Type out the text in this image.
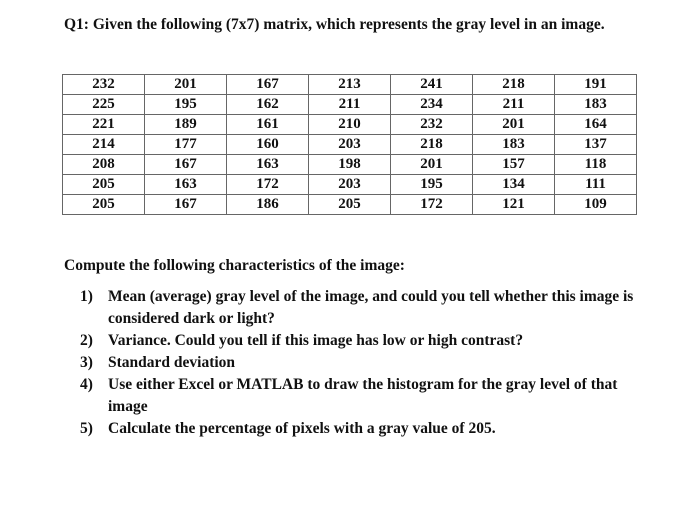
Q1: Given the following (7x7) matrix, which represents the gray level in an image.
232	201	167	213	241	218	191
225	195	162	211	234	211	183
221	189	161	210	232	201	164
214	177	160	203	218	183	137
208	167	163	198	201	157	118
205	163	172	203	195	134	111
205	167	186	205	172	121	109
Compute the following characteristics of the image:
1) Mean (average) gray level of the image, and could you tell whether this image is considered dark or light?
2) Variance. Could you tell if this image has low or high contrast?
3) Standard deviation
4) Use either Excel or MATLAB to draw the histogram for the gray level of that image
5) Calculate the percentage of pixels with a gray value of 205.
